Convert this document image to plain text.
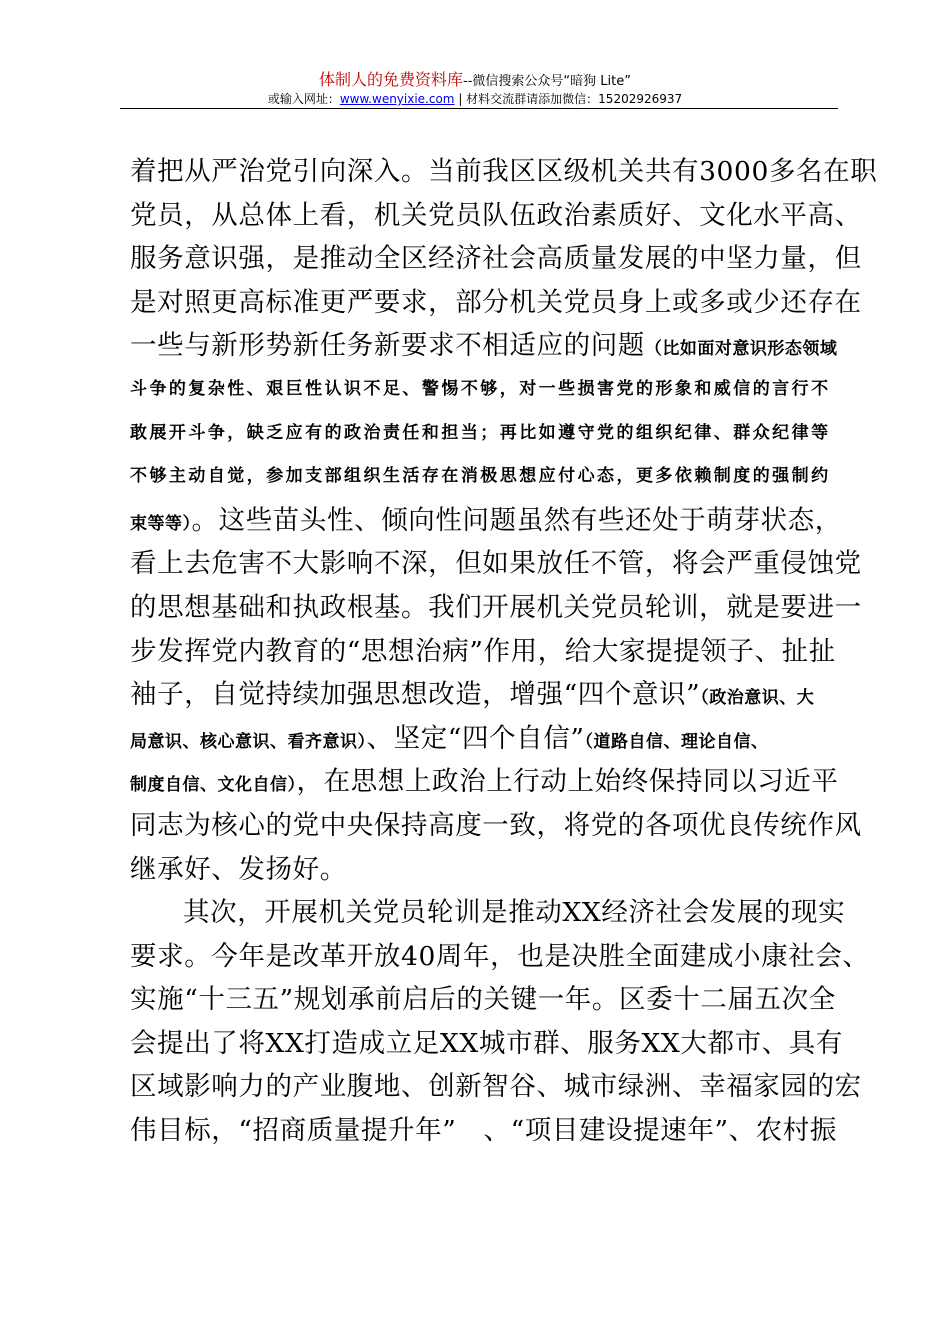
体制人的免费资料库--微信搜索公众号“暗狗 Lite”
或输入网址：www.wenyixie.com | 材料交流群请添加微信：15202926937
着把从严治党引向深入。当前我区区级机关共有3000多名在职
党员，从总体上看，机关党员队伍政治素质好、文化水平高、
服务意识强，是推动全区经济社会高质量发展的中坚力量，但
是对照更高标准更严要求，部分机关党员身上或多或少还存在
一些与新形势新任务新要求不相适应的问题（比如面对意识形态领域
斗争的复杂性、艰巨性认识不足、警惕不够，对一些损害党的形象和威信的言行不
敢展开斗争，缺乏应有的政治责任和担当；再比如遵守党的组织纪律、群众纪律等
不够主动自觉，参加支部组织生活存在消极思想应付心态，更多依赖制度的强制约
束等等）。这些苗头性、倾向性问题虽然有些还处于萌芽状态，
看上去危害不大影响不深，但如果放任不管，将会严重侵蚀党
的思想基础和执政根基。我们开展机关党员轮训，就是要进一
步发挥党内教育的“思想治病”作用，给大家提提领子、扯扯
袖子，自觉持续加强思想改造，增强“四个意识”（政治意识、大
局意识、核心意识、看齐意识）、坚定“四个自信”（道路自信、理论自信、
制度自信、文化自信），在思想上政治上行动上始终保持同以习近平
同志为核心的党中央保持高度一致，将党的各项优良传统作风
继承好、发扬好。
其次，开展机关党员轮训是推动XX经济社会发展的现实
要求。今年是改革开放40周年，也是决胜全面建成小康社会、
实施“十三五”规划承前启后的关键一年。区委十二届五次全
会提出了将XX打造成立足XX城市群、服务XX大都市、具有
区域影响力的产业腹地、创新智谷、城市绿洲、幸福家园的宏
伟目标，“招商质量提升年”　、“项目建设提速年”、农村振
